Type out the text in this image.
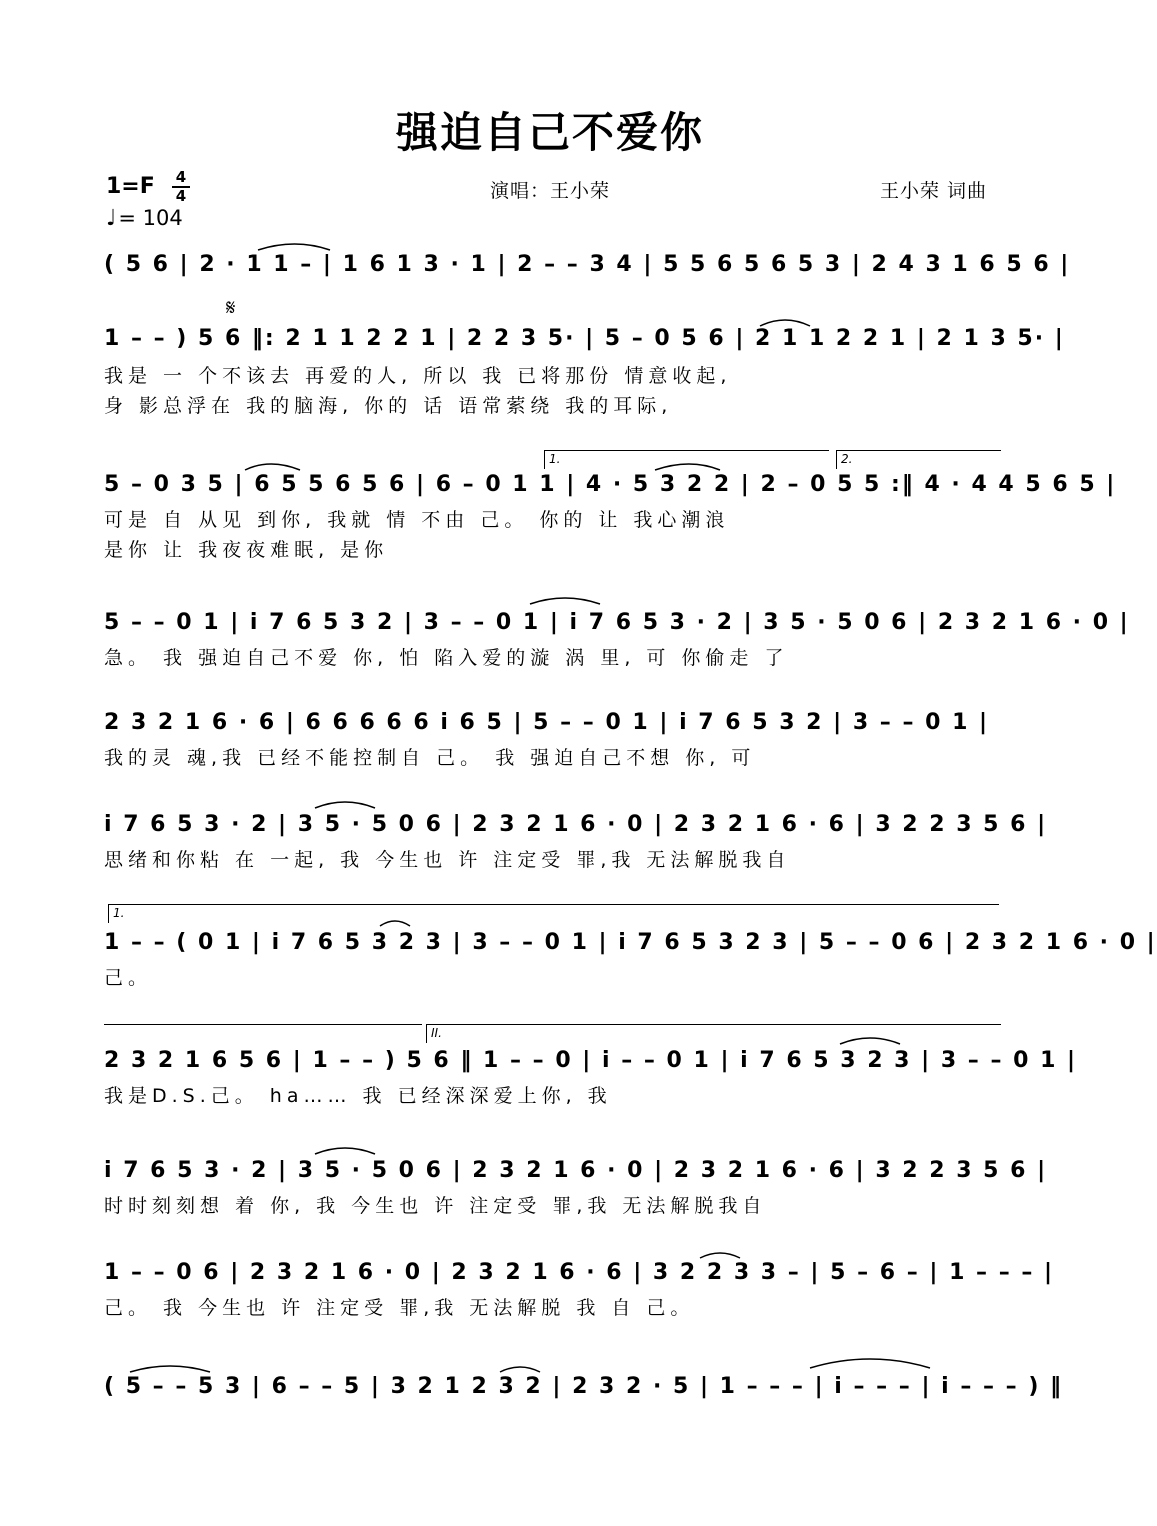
强迫自己不爱你
1=F 4
4
♩= 104
演唱：王小荣	王小荣 词曲
( 5 6 | 2 · 1 1 – | 1 6 1 3 · 1 | 2 – – 3 4 | 5 5 6 5 6 5 3 | 2 4 3 1 6 5 6 |
𝄋
1 – – ) 5 6 ‖: 2 1 1 2 2 1 | 2 2 3 5· | 5 – 0 5 6 | 2 1 1 2 2 1 | 2 1 3 5· |
我是 一 个不该去 再爱的人, 所以 我 已将那份 情意收起,
身 影总浮在 我的脑海, 你的 话 语常萦绕 我的耳际,
1.	2.
5 – 0 3 5 | 6 5 5 6 5 6 | 6 – 0 1 1 | 4 · 5 3 2 2 | 2 – 0 5 5 :‖ 4 · 4 4 5 6 5 |
可是 自 从见 到你, 我就 情 不由 己。 你的 让 我心潮浪
是你 让 我夜夜难眠, 是你
5 – – 0 1 | i 7 6 5 3 2 | 3 – – 0 1 | i 7 6 5 3 · 2 | 3 5 · 5 0 6 | 2 3 2 1 6 · 0 |
急。 我 强迫自己不爱 你, 怕 陷入爱的漩 涡 里, 可 你偷走 了
2 3 2 1 6 · 6 | 6 6 6 6 6 i 6 5 | 5 – – 0 1 | i 7 6 5 3 2 | 3 – – 0 1 |
我的灵 魂,我 已经不能控制自 己。 我 强迫自己不想 你, 可
i 7 6 5 3 · 2 | 3 5 · 5 0 6 | 2 3 2 1 6 · 0 | 2 3 2 1 6 · 6 | 3 2 2 3 5 6 |
思绪和你粘 在 一起, 我 今生也 许 注定受 罪,我 无法解脱我自
1.
1 – – ( 0 1 | i 7 6 5 3 2 3 | 3 – – 0 1 | i 7 6 5 3 2 3 | 5 – – 0 6 | 2 3 2 1 6 · 0 |
己。
II.
2 3 2 1 6 5 6 | 1 – – ) 5 6 ‖ 1 – – 0 | i – – 0 1 | i 7 6 5 3 2 3 | 3 – – 0 1 |
我是D.S.己。 ha…… 我 已经深深爱上你, 我
i 7 6 5 3 · 2 | 3 5 · 5 0 6 | 2 3 2 1 6 · 0 | 2 3 2 1 6 · 6 | 3 2 2 3 5 6 |
时时刻刻想 着 你, 我 今生也 许 注定受 罪,我 无法解脱我自
1 – – 0 6 | 2 3 2 1 6 · 0 | 2 3 2 1 6 · 6 | 3 2 2 3 3 – | 5 – 6 – | 1 – – – |
己。 我 今生也 许 注定受 罪,我 无法解脱 我 自 己。
( 5 – – 5 3 | 6 – – 5 | 3 2 1 2 3 2 | 2 3 2 · 5 | 1 – – – | i – – – | i – – – ) ‖
